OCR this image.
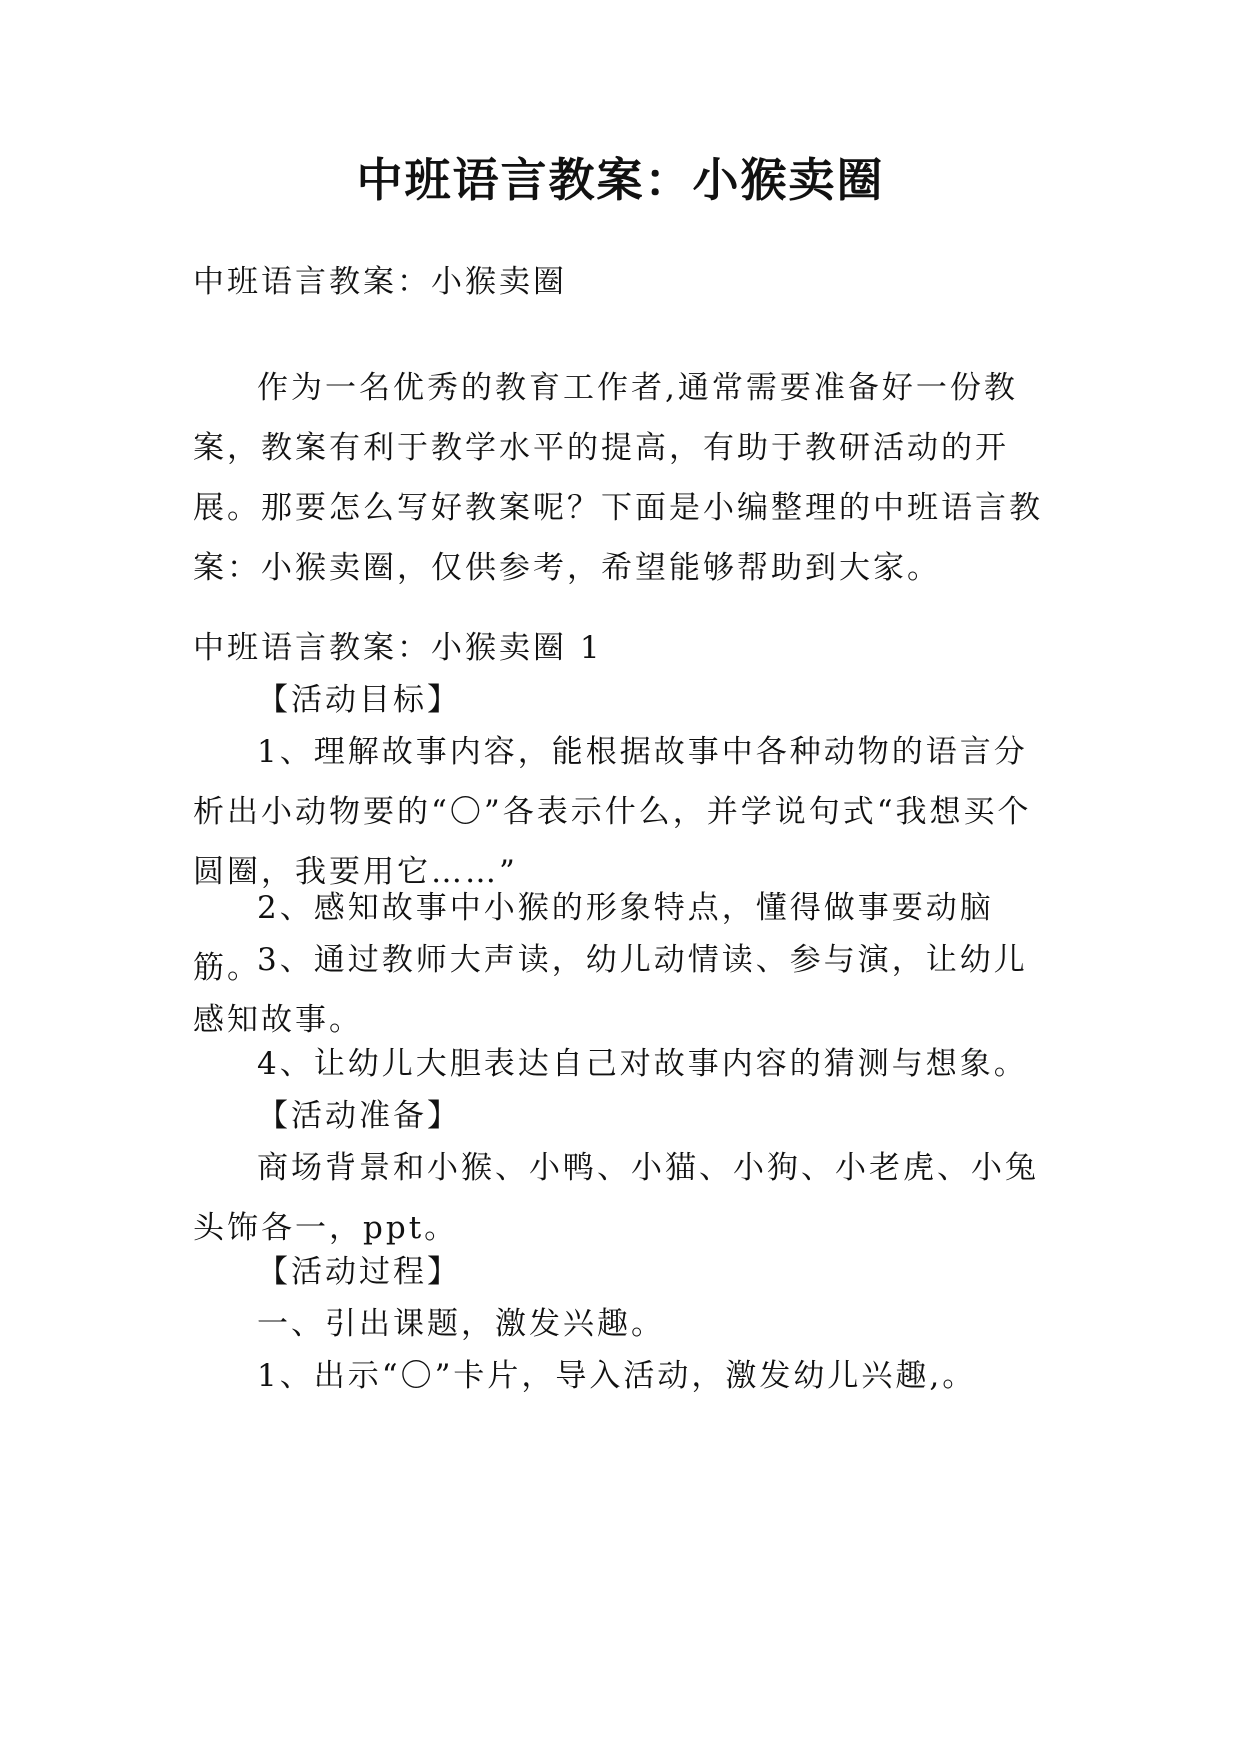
中班语言教案：小猴卖圈

中班语言教案：小猴卖圈

作为一名优秀的教育工作者,通常需要准备好一份教案，教案有利于教学水平的提高，有助于教研活动的开展。那要怎么写好教案呢？下面是小编整理的中班语言教案：小猴卖圈，仅供参考，希望能够帮助到大家。

中班语言教案：小猴卖圈 1

【活动目标】

1、理解故事内容，能根据故事中各种动物的语言分析出小动物要的“〇”各表示什么，并学说句式“我想买个圆圈，我要用它……”

2、感知故事中小猴的形象特点，懂得做事要动脑筋。

3、通过教师大声读，幼儿动情读、参与演，让幼儿感知故事。

4、让幼儿大胆表达自己对故事内容的猜测与想象。

【活动准备】

商场背景和小猴、小鸭、小猫、小狗、小老虎、小兔头饰各一，ppt。

【活动过程】

一、引出课题，激发兴趣。

1、出示“〇”卡片，导入活动，激发幼儿兴趣,。
